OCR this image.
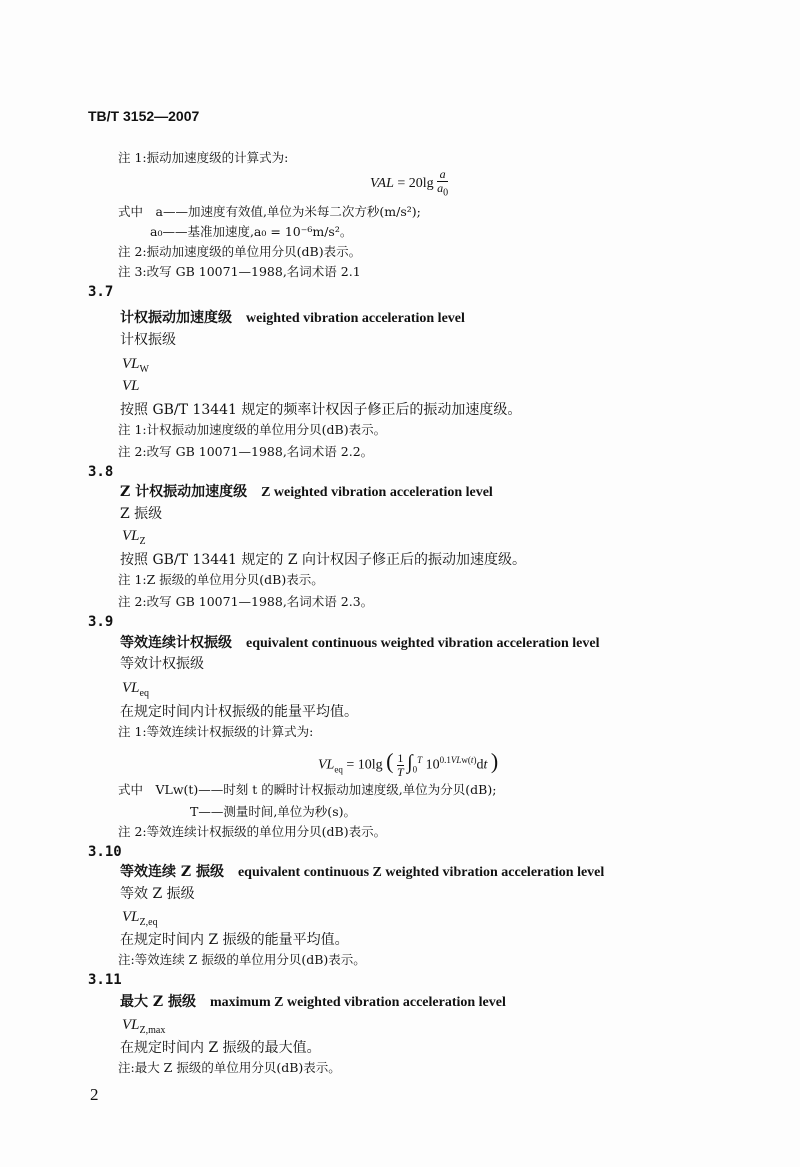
TB/T 3152—2007
注 1:振动加速度级的计算式为:
VAL = $20\lg \frac{a}{a_0}$
式中　a——加速度有效值,单位为米每二次方秒(m/s²);
a₀——基准加速度,a₀ = 10⁻⁶m/s²。
注 2:振动加速度级的单位用分贝(dB)表示。
注 3:改写 GB 10071—1988,名词术语 2.1
3.7
计权振动加速度级 weighted vibration acceleration level
计权振级
$VL_W$
VL
按照 GB/T 13441 规定的频率计权因子修正后的振动加速度级。
注 1:计权振动加速度级的单位用分贝(dB)表示。
注 2:改写 GB 10071—1988,名词术语 2.2。
3.8
Z 计权振动加速度级 Z weighted vibration acceleration level
Z 振级
$VL_Z$
按照 GB/T 13441 规定的 Z 向计权因子修正后的振动加速度级。
注 1:Z 振级的单位用分贝(dB)表示。
注 2:改写 GB 10071—1988,名词术语 2.3。
3.9
等效连续计权振级 equivalent continuous weighted vibration acceleration level
等效计权振级
$VL_{eq}$
在规定时间内计权振级的能量平均值。
注 1:等效连续计权振级的计算式为:
$VL_{eq} = 10\lg$ ( 1

T $\int_0^T$ $10^{0.1VLw(t)}dt$ )
式中　VLw(t)——时刻 t 的瞬时计权振动加速度级,单位为分贝(dB);
T——测量时间,单位为秒(s)。
注 2:等效连续计权振级的单位用分贝(dB)表示。
3.10
等效连续 Z 振级 equivalent continuous Z weighted vibration acceleration level
等效 Z 振级
$VL_{Z,eq}$
在规定时间内 Z 振级的能量平均值。
注:等效连续 Z 振级的单位用分贝(dB)表示。
3.11
最大 Z 振级 maximum Z weighted vibration acceleration level
$VL_{Z,max}$
在规定时间内 Z 振级的最大值。
注:最大 Z 振级的单位用分贝(dB)表示。
2
